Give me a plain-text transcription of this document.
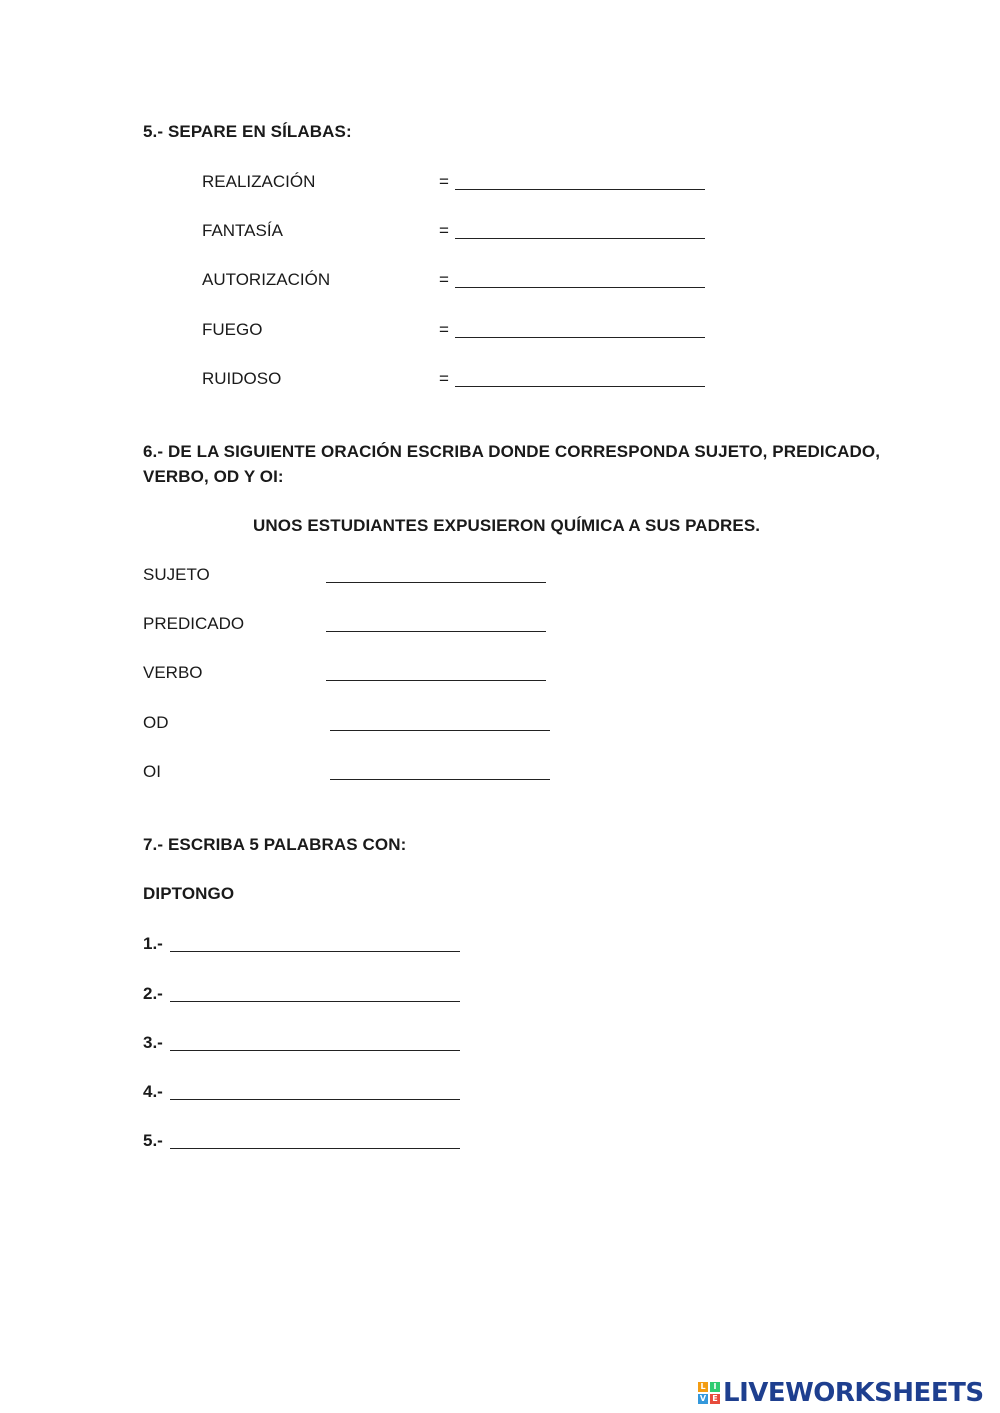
5.- SEPARE EN SÍLABAS:
REALIZACIÓN	=
FANTASÍA	=
AUTORIZACIÓN	=
FUEGO	=
RUIDOSO	=
6.- DE LA SIGUIENTE ORACIÓN ESCRIBA DONDE CORRESPONDA SUJETO, PREDICADO,
VERBO, OD Y OI:
UNOS ESTUDIANTES EXPUSIERON QUÍMICA A SUS PADRES.
SUJETO
PREDICADO
VERBO
OD
OI
7.- ESCRIBA 5 PALABRAS CON:
DIPTONGO
1.-
2.-
3.-
4.-
5.-
L I
V E LIVEWORKSHEETS
